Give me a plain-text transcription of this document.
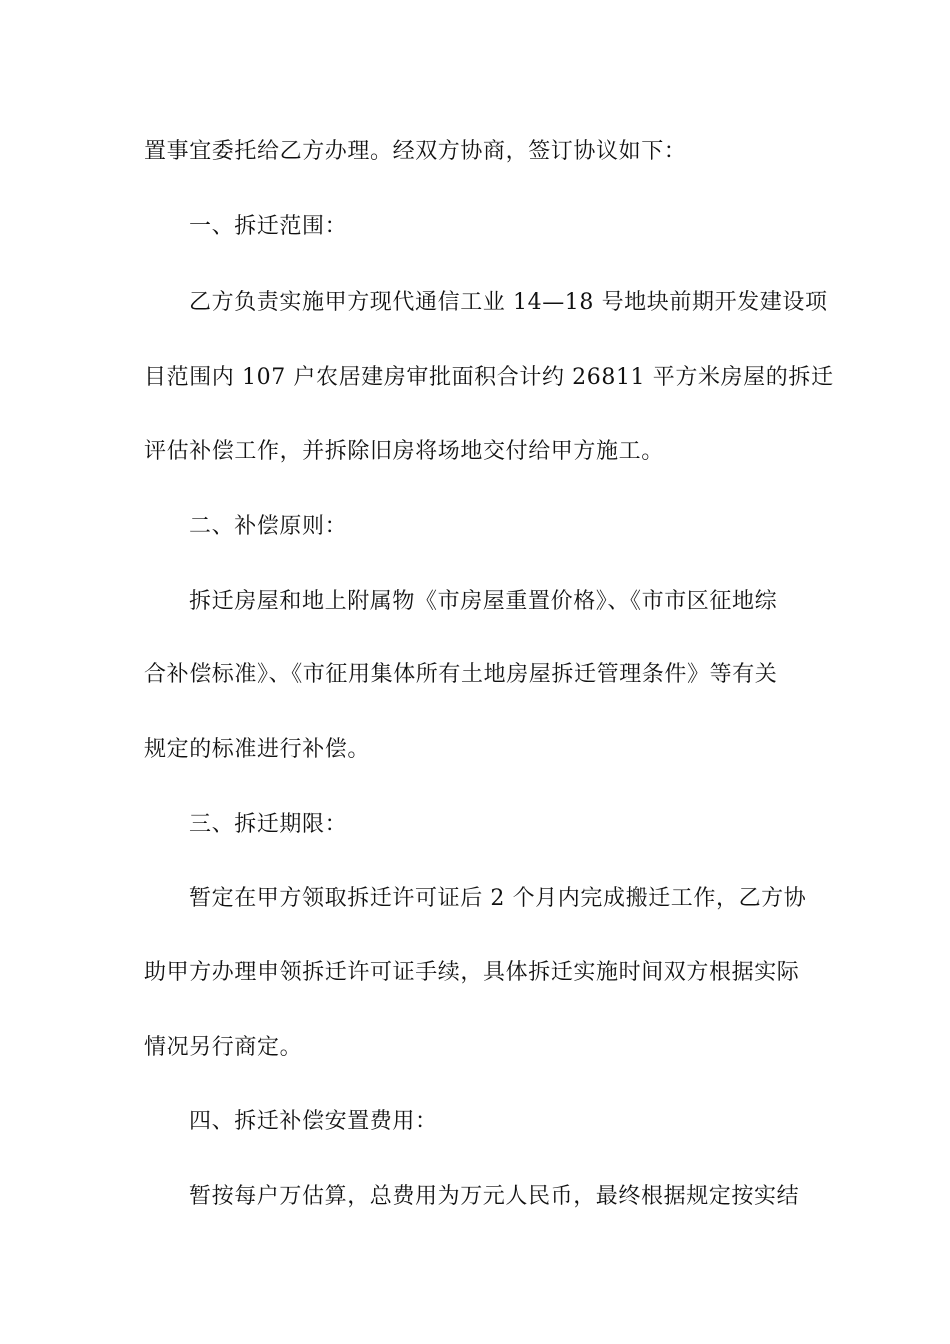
置事宜委托给乙方办理。经双方协商，签订协议如下：
一、拆迁范围：
乙方负责实施甲方现代通信工业 14—18 号地块前期开发建设项
目范围内 107 户农居建房审批面积合计约 26811 平方米房屋的拆迁
评估补偿工作，并拆除旧房将场地交付给甲方施工。
二、补偿原则：
拆迁房屋和地上附属物《市房屋重置价格》、《市市区征地综
合补偿标准》、《市征用集体所有土地房屋拆迁管理条件》等有关
规定的标准进行补偿。
三、拆迁期限：
暂定在甲方领取拆迁许可证后 2 个月内完成搬迁工作，乙方协
助甲方办理申领拆迁许可证手续，具体拆迁实施时间双方根据实际
情况另行商定。
四、拆迁补偿安置费用：
暂按每户万估算，总费用为万元人民币，最终根据规定按实结
